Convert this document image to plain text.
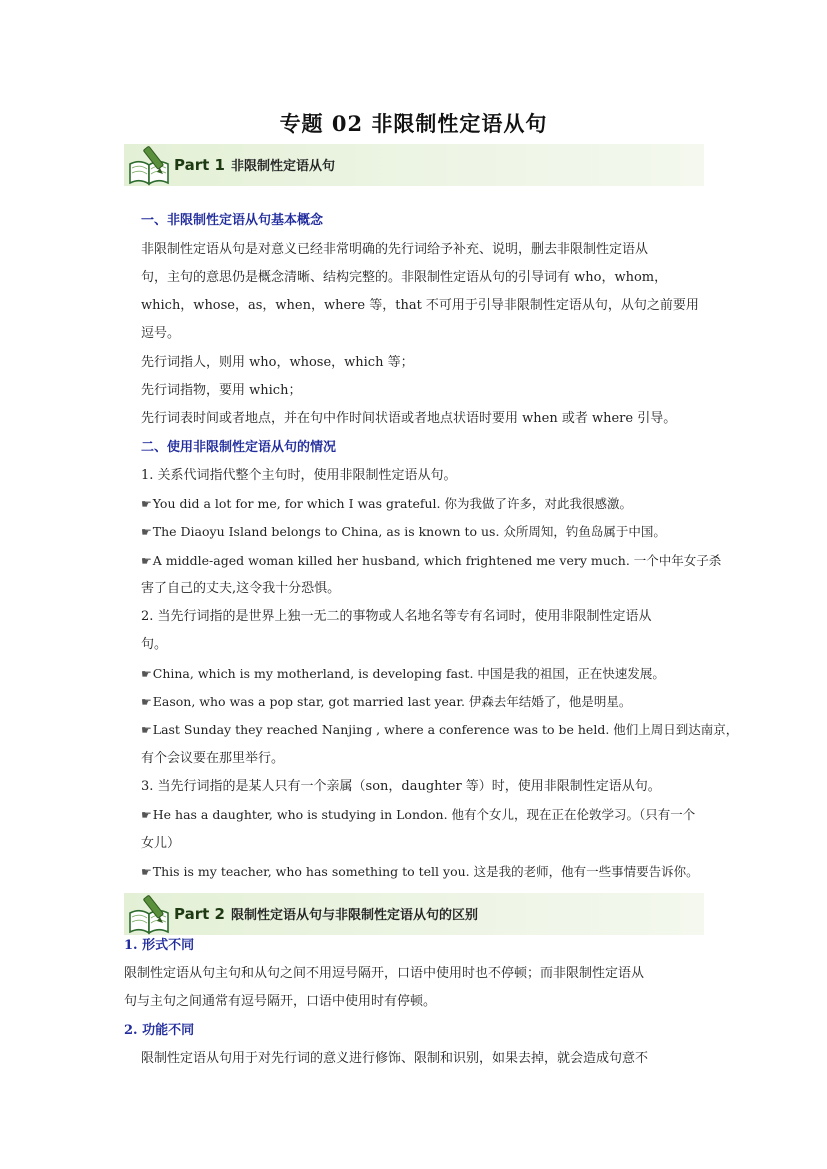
专题 02 非限制性定语从句
Part 1 非限制性定语从句
一、非限制性定语从句基本概念
非限制性定语从句是对意义已经非常明确的先行词给予补充、说明，删去非限制性定语从
句，主句的意思仍是概念清晰、结构完整的。非限制性定语从句的引导词有 who，whom，
which，whose，as，when，where 等，that 不可用于引导非限制性定语从句，从句之前要用
逗号。
先行词指人，则用 who，whose，which 等；
先行词指物，要用 which；
先行词表时间或者地点，并在句中作时间状语或者地点状语时要用 when 或者 where 引导。
二、使用非限制性定语从句的情况
1. 关系代词指代整个主句时，使用非限制性定语从句。
☛You did a lot for me, for which I was grateful. 你为我做了许多，对此我很感激。
☛The Diaoyu Island belongs to China, as is known to us. 众所周知，钓鱼岛属于中国。
☛A middle-aged woman killed her husband, which frightened me very much. 一个中年女子杀
害了自己的丈夫,这令我十分恐惧。
2. 当先行词指的是世界上独一无二的事物或人名地名等专有名词时，使用非限制性定语从
句。
☛China, which is my motherland, is developing fast. 中国是我的祖国，正在快速发展。
☛Eason, who was a pop star, got married last year. 伊森去年结婚了，他是明星。
☛Last Sunday they reached Nanjing , where a conference was to be held. 他们上周日到达南京，
有个会议要在那里举行。
3. 当先行词指的是某人只有一个亲属（son，daughter 等）时，使用非限制性定语从句。
☛He has a daughter, who is studying in London. 他有个女儿，现在正在伦敦学习。（只有一个
女儿）
☛This is my teacher, who has something to tell you. 这是我的老师，他有一些事情要告诉你。
Part 2 限制性定语从句与非限制性定语从句的区别
1. 形式不同
限制性定语从句主句和从句之间不用逗号隔开，口语中使用时也不停顿；而非限制性定语从
句与主句之间通常有逗号隔开，口语中使用时有停顿。
2. 功能不同
限制性定语从句用于对先行词的意义进行修饰、限制和识别，如果去掉，就会造成句意不
